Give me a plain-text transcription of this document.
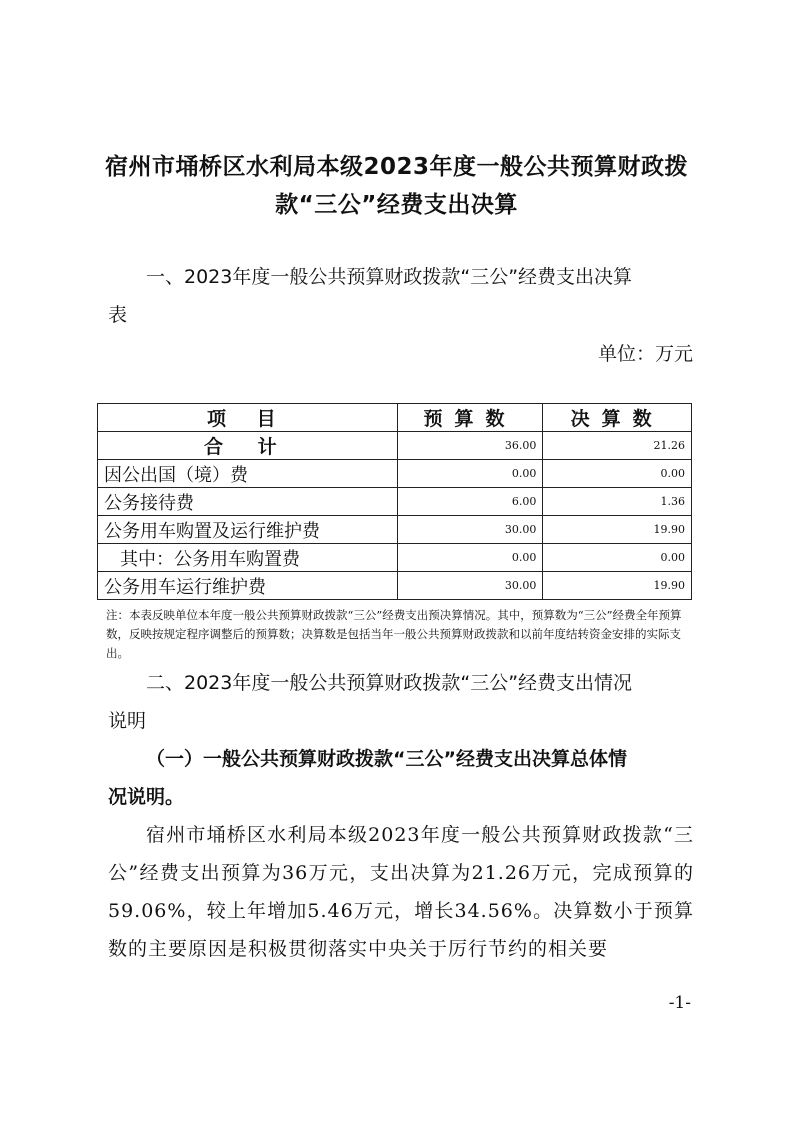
宿州市埇桥区水利局本级2023年度一般公共预算财政拨
款“三公”经费支出决算
一、2023年度一般公共预算财政拨款“三公”经费支出决算
表
单位：万元
项 目	预算数	决算数
合 计	36.00	21.26
因公出国（境）费	0.00	0.00
公务接待费	6.00	1.36
公务用车购置及运行维护费	30.00	19.90
其中：公务用车购置费	0.00	0.00
公务用车运行维护费	30.00	19.90
注：本表反映单位本年度一般公共预算财政拨款“三公”经费支出预决算情况。其中，预算数为“三公”经费全年预算数，反映按规定程序调整后的预算数；决算数是包括当年一般公共预算财政拨款和以前年度结转资金安排的实际支出。
二、2023年度一般公共预算财政拨款“三公”经费支出情况
说明
（一）一般公共预算财政拨款“三公”经费支出决算总体情
况说明。
宿州市埇桥区水利局本级2023年度一般公共预算财政拨款“三公”经费支出预算为36万元，支出决算为21.26万元，完成预算的59.06%，较上年增加5.46万元，增长34.56%。决算数小于预算数的主要原因是积极贯彻落实中央关于厉行节约的相关要
-1-
